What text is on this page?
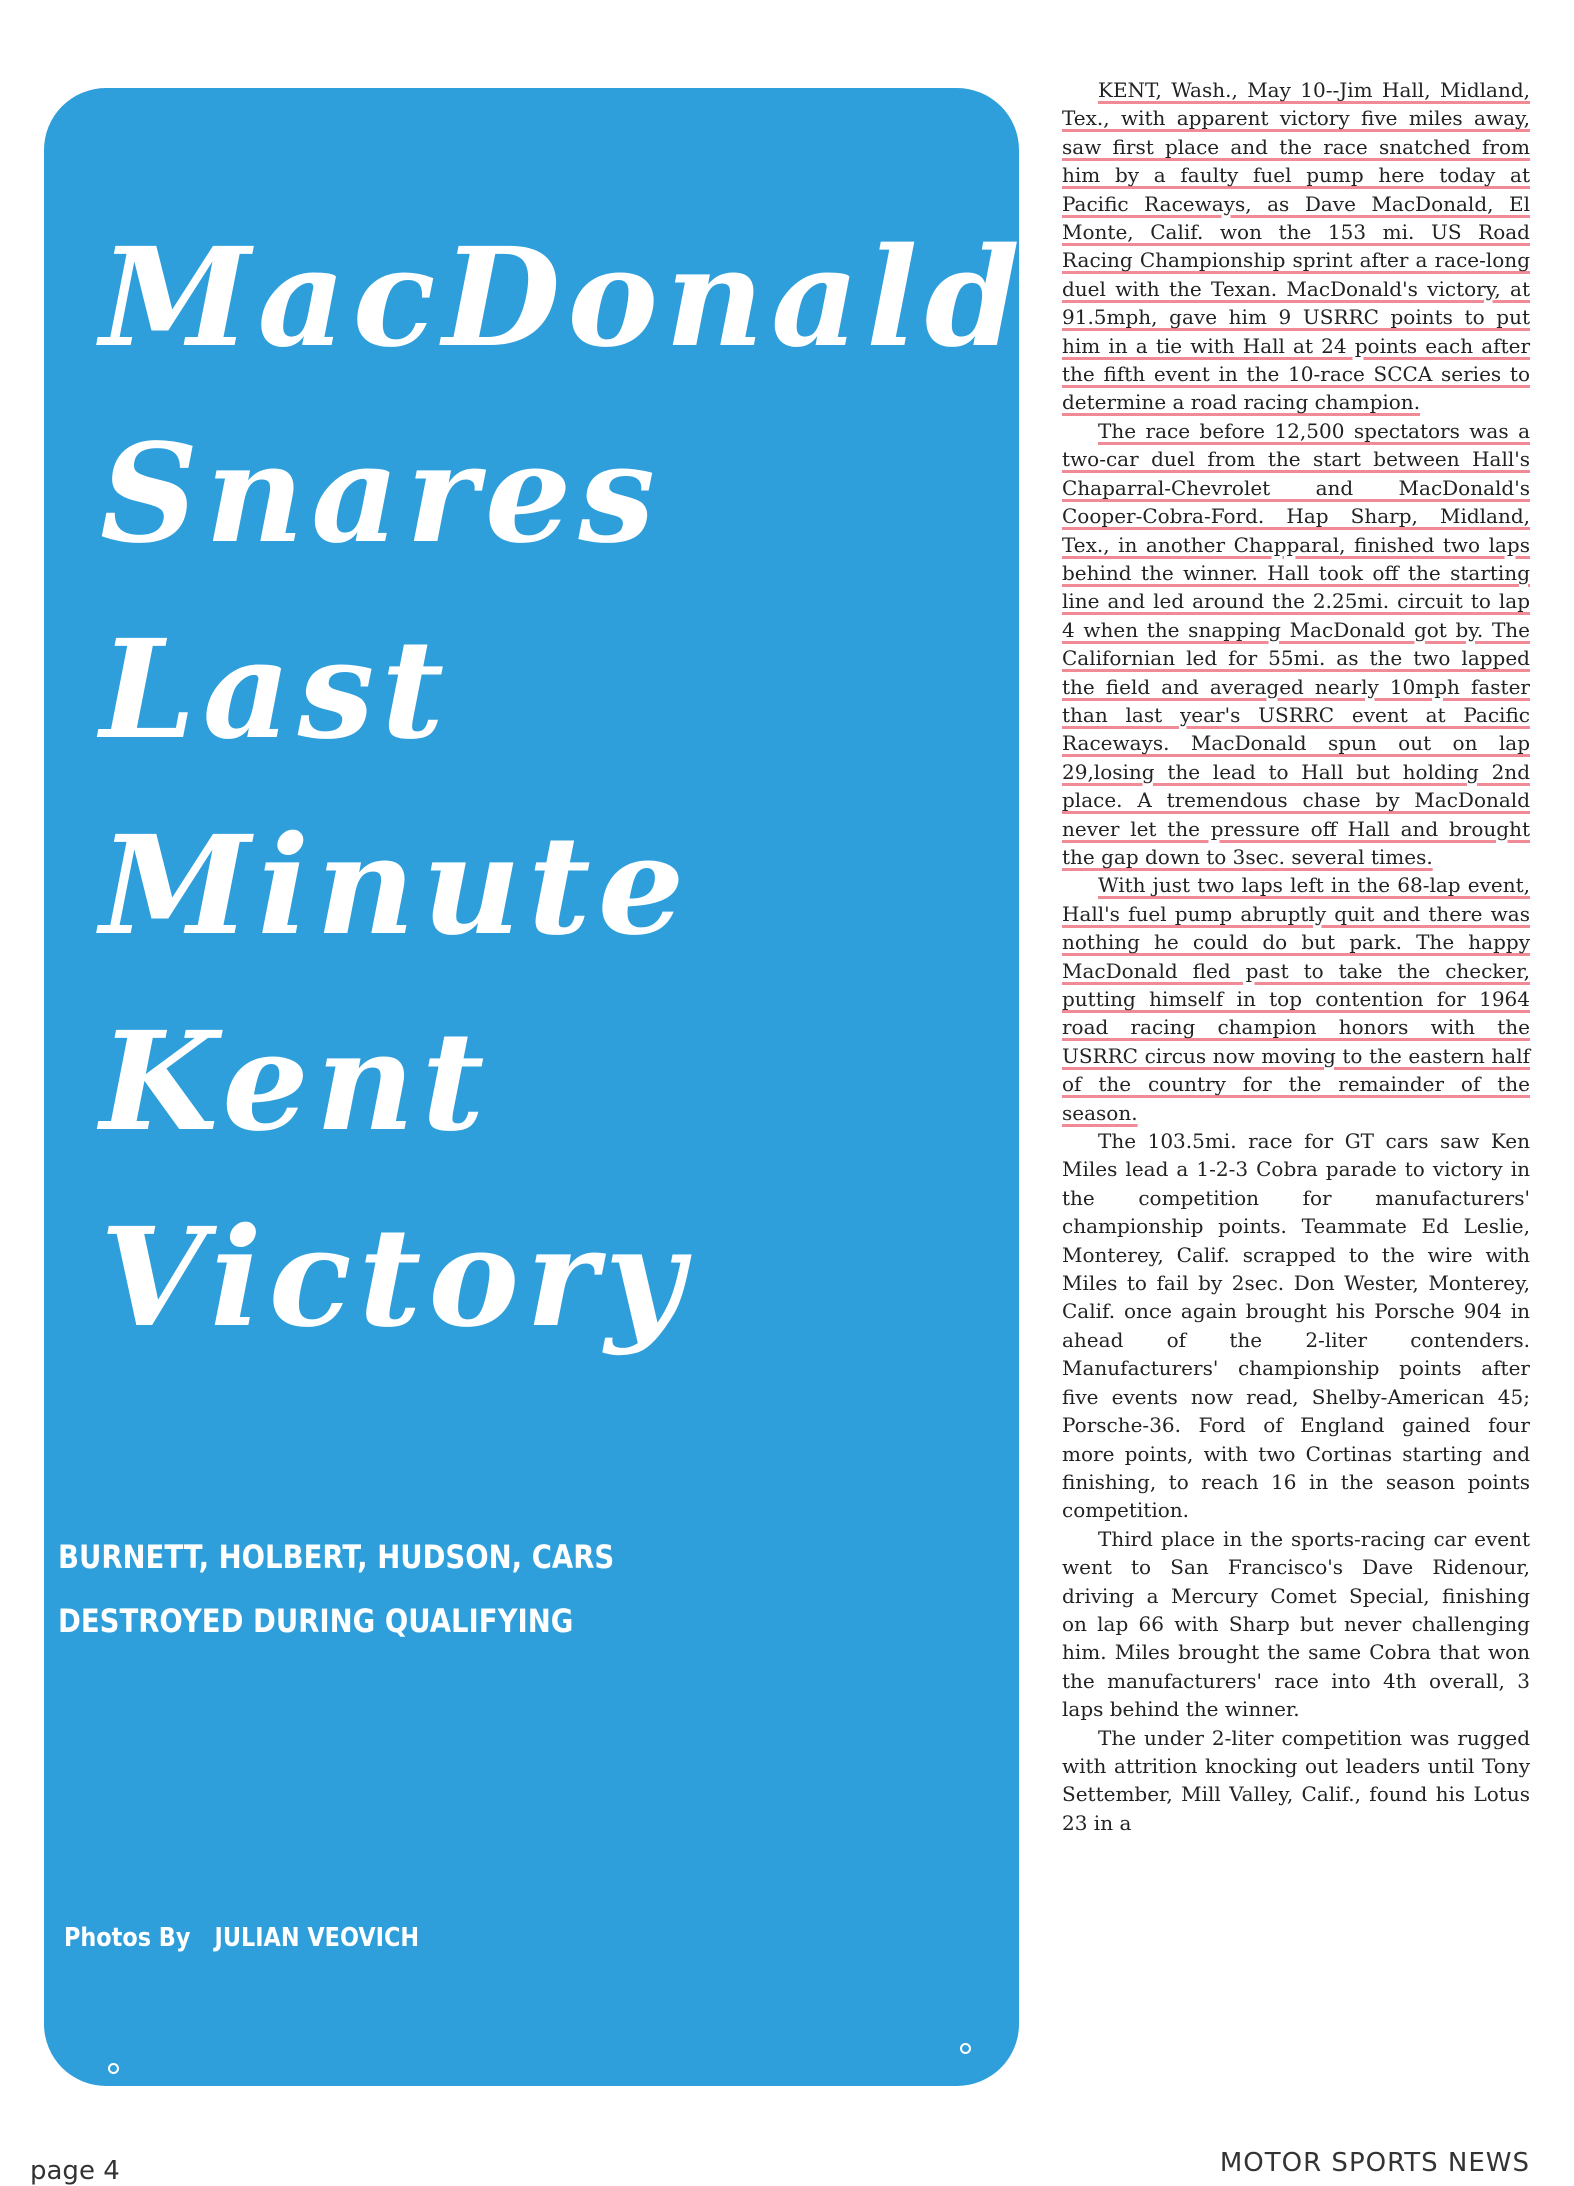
MacDonald
Snares
Last
Minute
Kent
Victory
BURNETT, HOLBERT, HUDSON, CARS
DESTROYED DURING QUALIFYING
Photos By JULIAN VEOVICH

KENT, Wash., May 10--Jim Hall, Midland, Tex., with apparent victory five miles away, saw first place and the race snatched from him by a faulty fuel pump here today at Pacific Raceways, as Dave MacDonald, El Monte, Calif. won the 153 mi. US Road Racing Championship sprint after a race-long duel with the Texan. MacDonald's victory, at 91.5mph, gave him 9 USRRC points to put him in a tie with Hall at 24 points each after the fifth event in the 10-race SCCA series to determine a road racing champion.

The race before 12,500 spectators was a two-car duel from the start between Hall's Chaparral-Chevrolet and MacDonald's Cooper-Cobra-Ford. Hap Sharp, Midland, Tex., in another Chapparal, finished two laps behind the winner. Hall took off the starting line and led around the 2.25mi. circuit to lap 4 when the snapping MacDonald got by. The Californian led for 55mi. as the two lapped the field and averaged nearly 10mph faster than last year's USRRC event at Pacific Raceways. MacDonald spun out on lap 29,losing the lead to Hall but holding 2nd place. A tremendous chase by MacDonald never let the pressure off Hall and brought the gap down to 3sec. several times.

With just two laps left in the 68-lap event, Hall's fuel pump abruptly quit and there was nothing he could do but park. The happy MacDonald fled past to take the checker, putting himself in top contention for 1964 road racing champion honors with the USRRC circus now moving to the eastern half of the country for the remainder of the season.

The 103.5mi. race for GT cars saw Ken Miles lead a 1-2-3 Cobra parade to victory in the competition for manufacturers' championship points. Teammate Ed Leslie, Monterey, Calif. scrapped to the wire with Miles to fail by 2sec. Don Wester, Monterey, Calif. once again brought his Porsche 904 in ahead of the 2-liter contenders. Manufacturers' championship points after five events now read, Shelby-American 45; Porsche-36. Ford of England gained four more points, with two Cortinas starting and finishing, to reach 16 in the season points competition.

Third place in the sports-racing car event went to San Francisco's Dave Ridenour, driving a Mercury Comet Special, finishing on lap 66 with Sharp but never challenging him. Miles brought the same Cobra that won the manufacturers' race into 4th overall, 3 laps behind the winner.

The under 2-liter competition was rugged with attrition knocking out leaders until Tony Settember, Mill Valley, Calif., found his Lotus 23 in a

page 4	MOTOR SPORTS NEWS
